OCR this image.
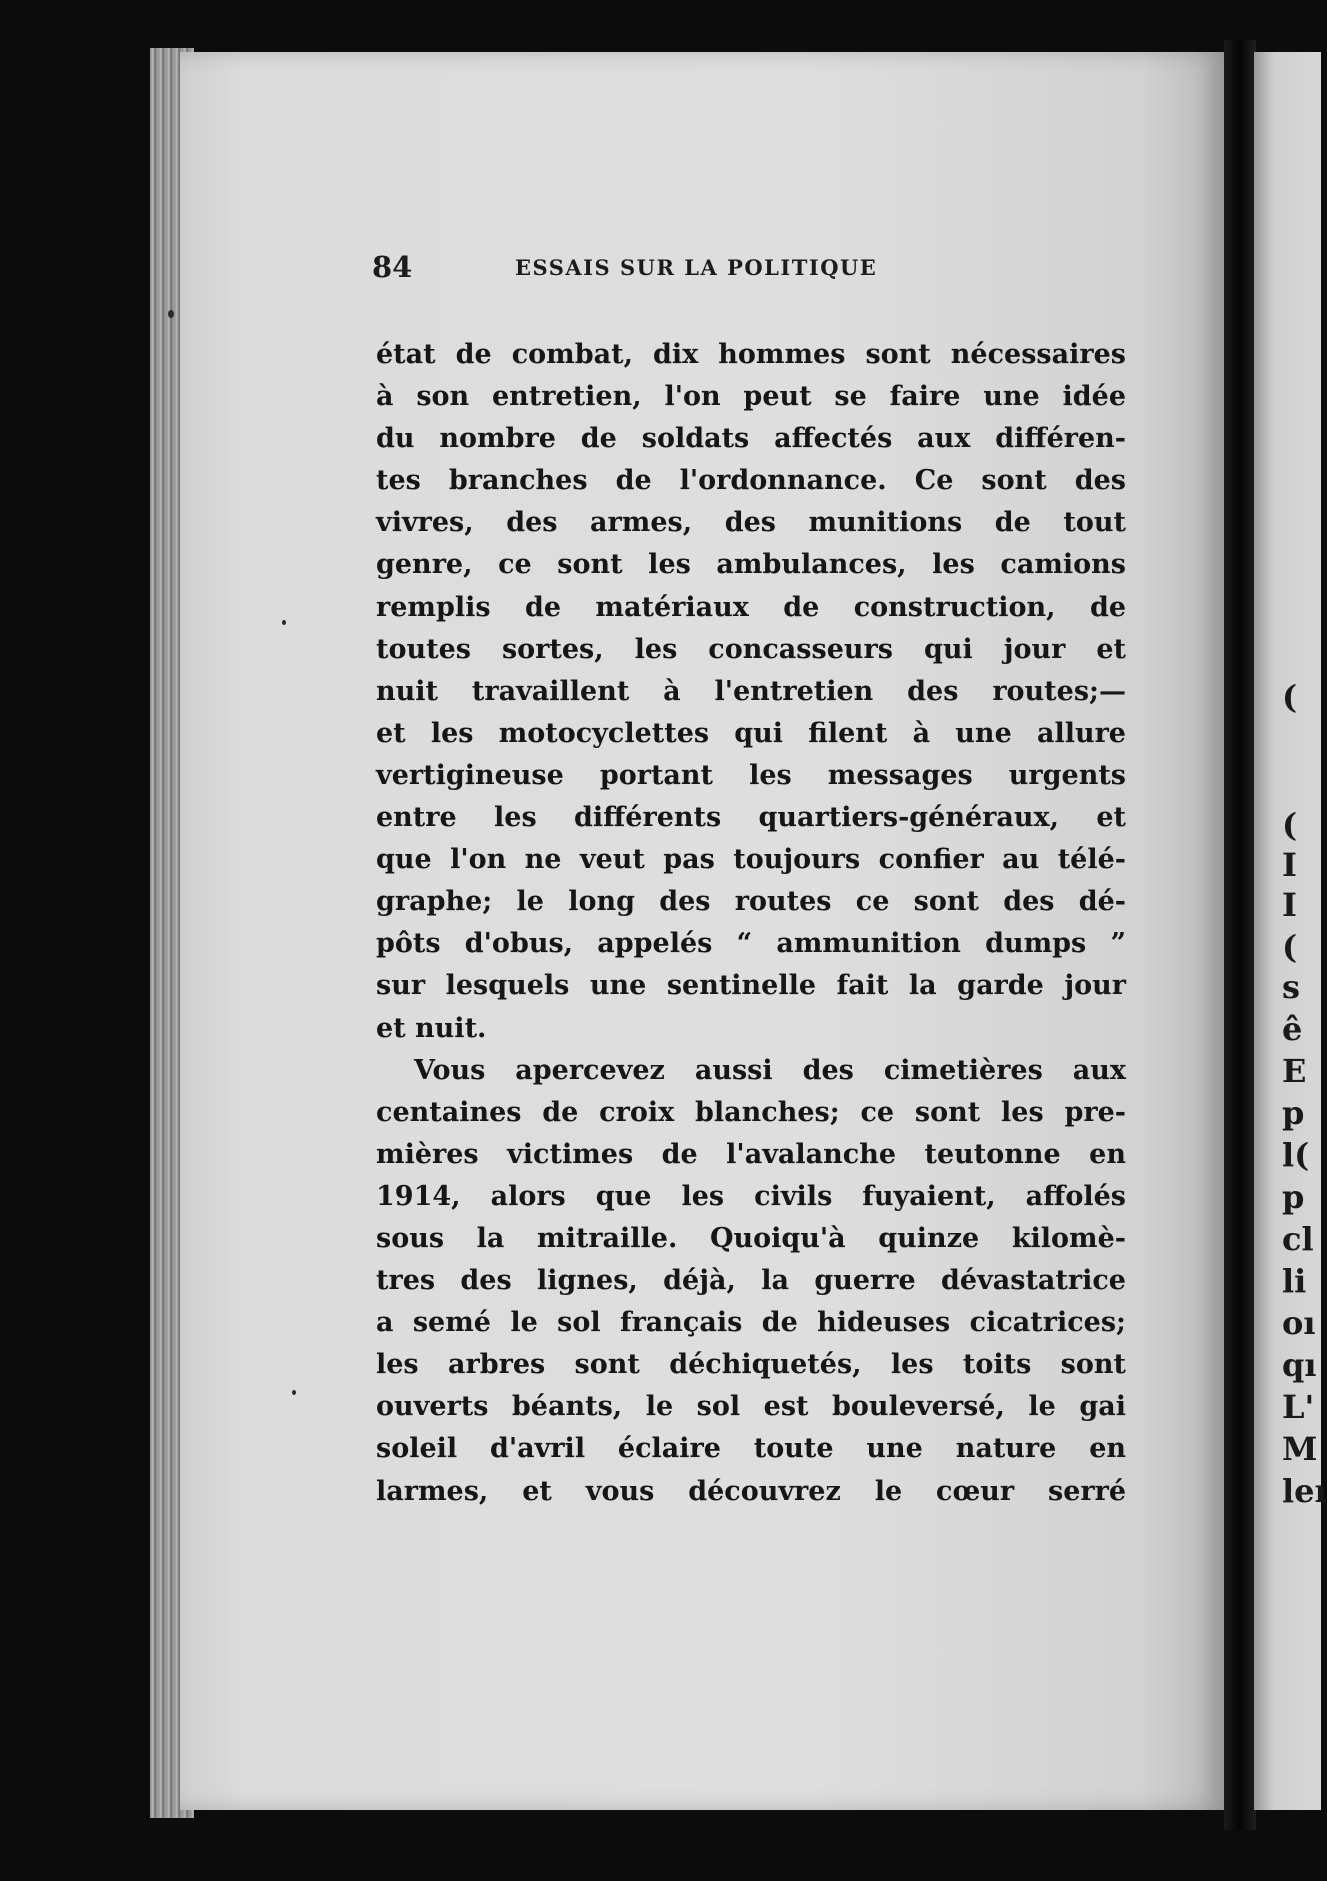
84	ESSAIS SUR LA POLITIQUE
état de combat, dix hommes sont nécessaires
à son entretien, l'on peut se faire une idée
du nombre de soldats affectés aux différen-
tes branches de l'ordonnance. Ce sont des
vivres, des armes, des munitions de tout
genre, ce sont les ambulances, les camions
remplis de matériaux de construction, de
toutes sortes, les concasseurs qui jour et
nuit travaillent à l'entretien des routes;—
et les motocyclettes qui filent à une allure
vertigineuse portant les messages urgents
entre les différents quartiers-généraux, et
que l'on ne veut pas toujours confier au télé-
graphe; le long des routes ce sont des dé-
pôts d'obus, appelés “ ammunition dumps ”
sur lesquels une sentinelle fait la garde jour
et nuit.
Vous apercevez aussi des cimetières aux
centaines de croix blanches; ce sont les pre-
mières victimes de l'avalanche teutonne en
1914, alors que les civils fuyaient, affolés
sous la mitraille. Quoiqu'à quinze kilomè-
tres des lignes, déjà, la guerre dévastatrice
a semé le sol français de hideuses cicatrices;
les arbres sont déchiquetés, les toits sont
ouverts béants, le sol est bouleversé, le gai
soleil d'avril éclaire toute une nature en
larmes, et vous découvrez le cœur serré
(
(
I
I
(
s
ê
E
p
l(
p
cl
li
oı
qı
L'
M
leı
